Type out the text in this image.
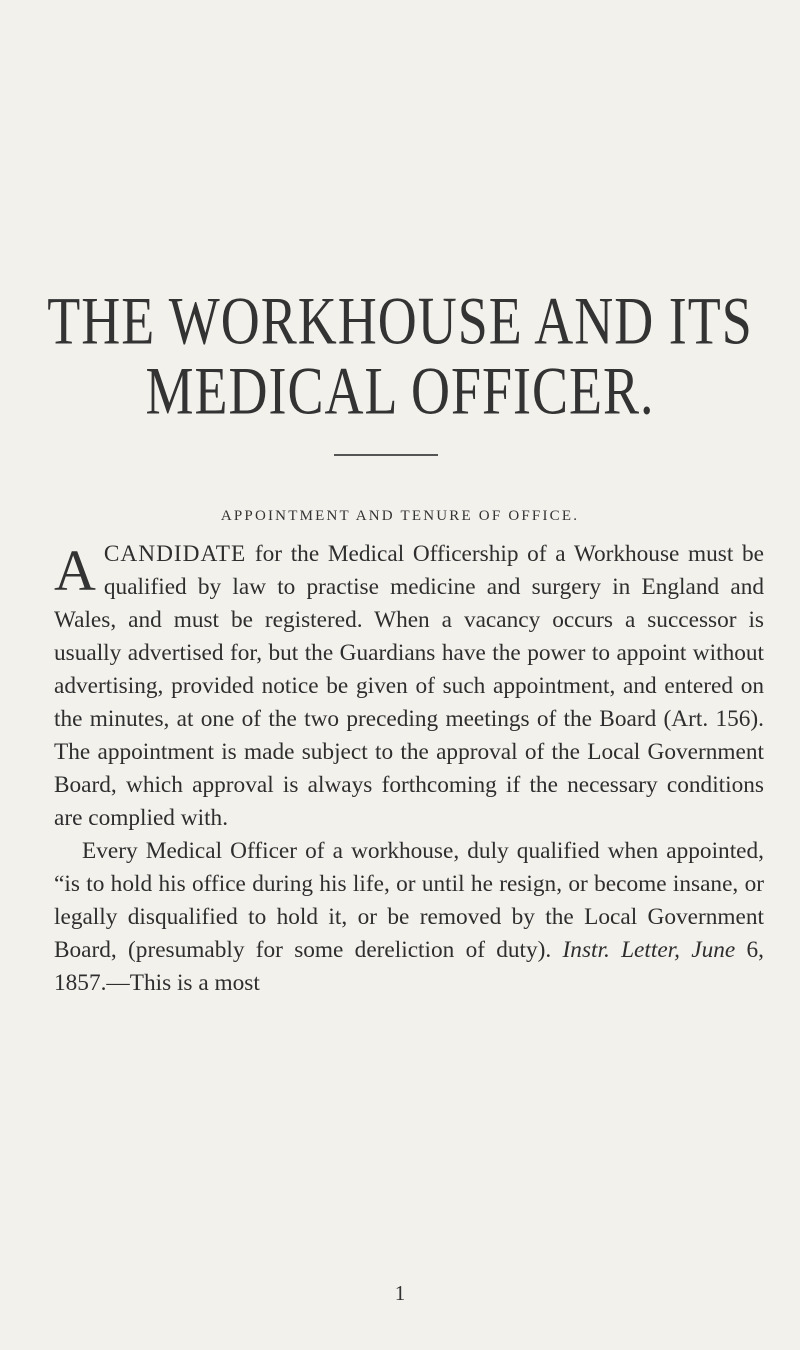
THE WORKHOUSE AND ITS
MEDICAL OFFICER.
APPOINTMENT AND TENURE OF OFFICE.

ACANDIDATE for the Medical Officership of a Workhouse must be qualified by law to practise medicine and surgery in England and Wales, and must be registered. When a vacancy occurs a successor is usually advertised for, but the Guardians have the power to appoint without advertising, provided notice be given of such appointment, and entered on the minutes, at one of the two preceding meetings of the Board (Art. 156). The appointment is made subject to the approval of the Local Government Board, which approval is always forthcoming if the necessary conditions are complied with.

Every Medical Officer of a workhouse, duly qualified when appointed, “is to hold his office during his life, or until he resign, or become insane, or legally disqualified to hold it, or be removed by the Local Government Board, (presumably for some dereliction of duty). Instr. Letter, June 6, 1857.—This is a most

1
